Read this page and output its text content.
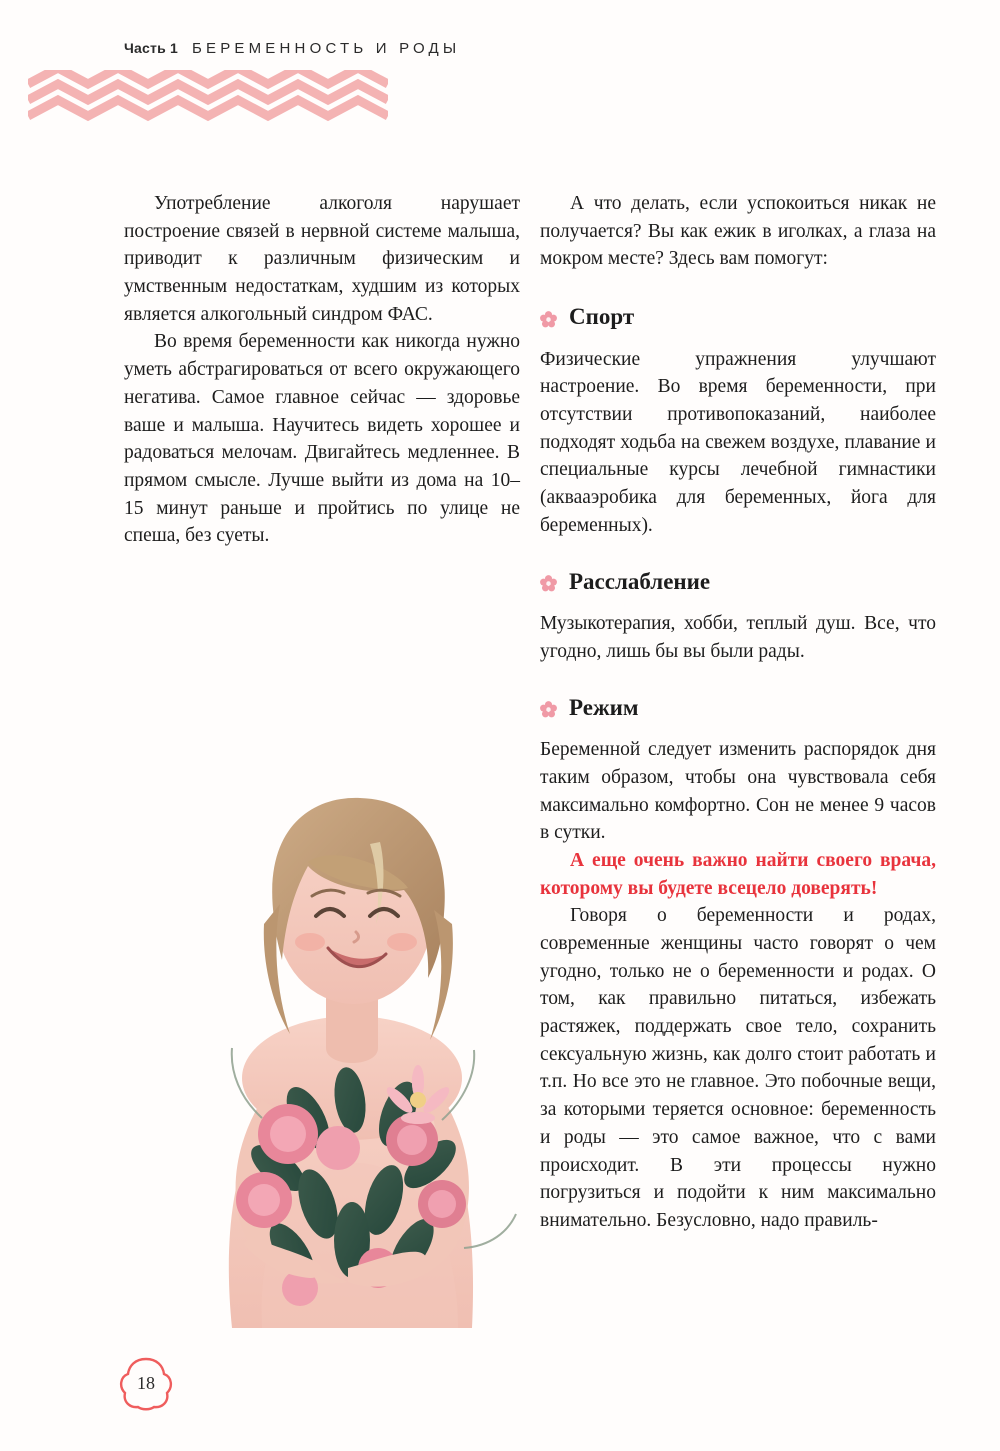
Часть 1 БЕРЕМЕННОСТЬ И РОДЫ

Употребление алкоголя нарушает построение связей в нервной системе малыша, приводит к различным физическим и умственным недостаткам, худшим из которых является алкогольный синдром ФАС.

Во время беременности как никогда нужно уметь абстрагироваться от всего окружающего негатива. Самое главное сейчас — здоровье ваше и малыша. Научитесь видеть хорошее и радоваться мелочам. Двигайтесь медленнее. В прямом смысле. Лучше выйти из дома на 10–15 минут раньше и пройтись по улице не спеша, без суеты.

А что делать, если успокоиться никак не получается? Вы как ежик в иголках, а глаза на мокром месте? Здесь вам помогут:

Спорт

Физические упражнения улучшают настроение. Во время беременности, при отсутствии противопоказаний, наиболее подходят ходьба на свежем воздухе, плавание и специальные курсы лечебной гимнастики (аквааэробика для беременных, йога для беременных).

Расслабление

Музыкотерапия, хобби, теплый душ. Все, что угодно, лишь бы вы были рады.

Режим

Беременной следует изменить распорядок дня таким образом, чтобы она чувствовала себя максимально комфортно. Сон не менее 9 часов в сутки.

А еще очень важно найти своего врача, которому вы будете всецело доверять!

Говоря о беременности и родах, современные женщины часто говорят о чем угодно, только не о беременности и родах. О том, как правильно питаться, избежать растяжек, поддержать свое тело, сохранить сексуальную жизнь, как долго стоит работать и т.п. Но все это не главное. Это побочные вещи, за которыми теряется основное: беременность и роды — это самое важное, что с вами происходит. В эти процессы нужно погрузиться и подойти к ним максимально внимательно. Безусловно, надо правиль-

18
